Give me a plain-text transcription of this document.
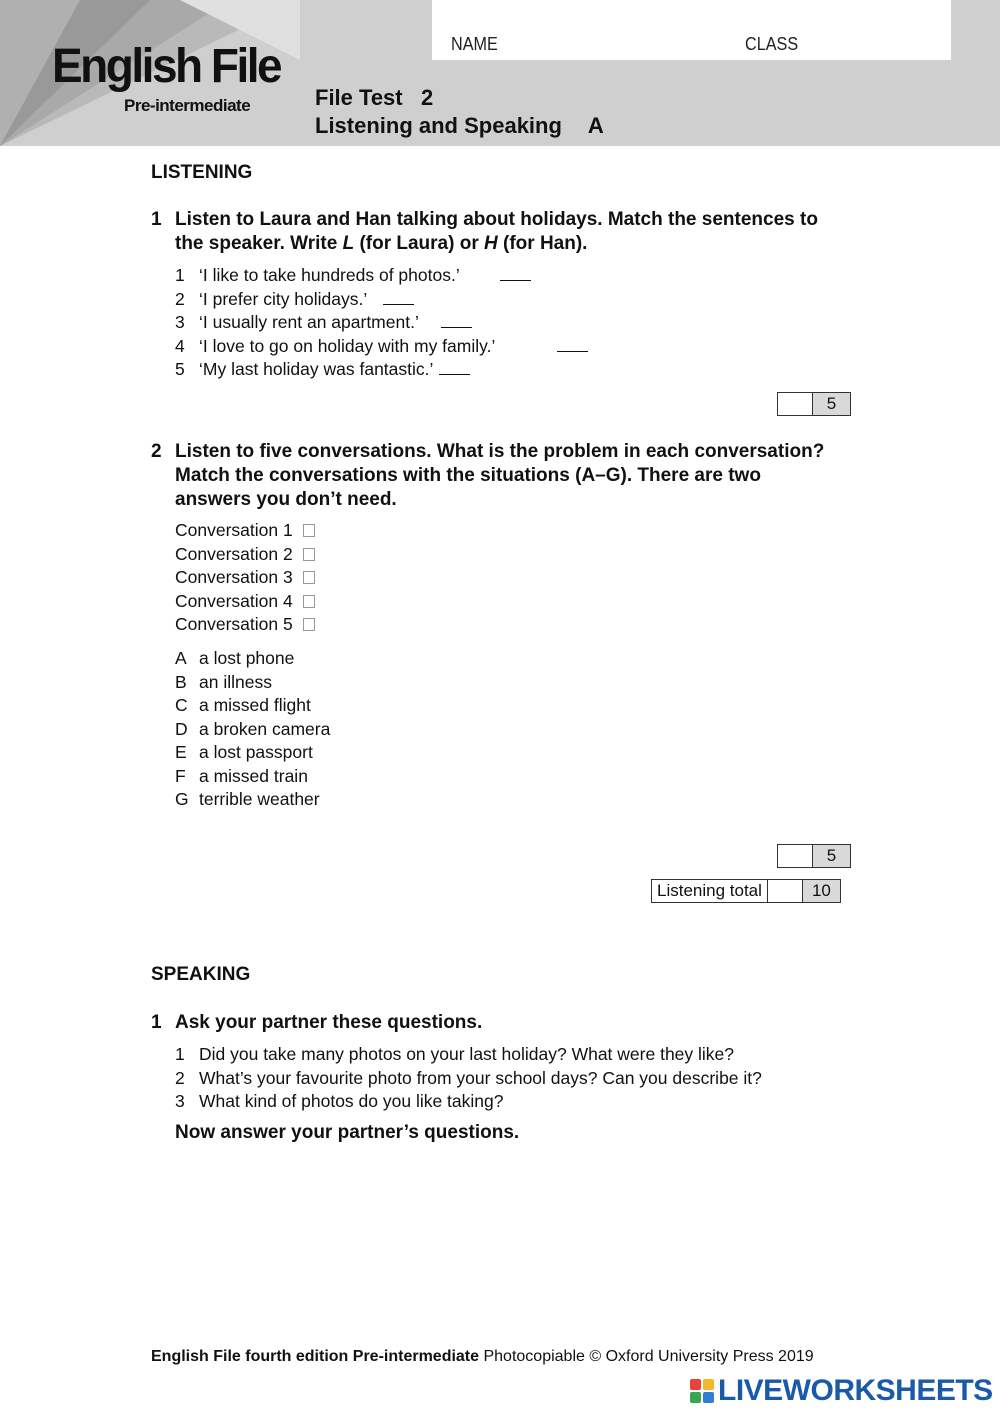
English File
Pre-intermediate
NAME	CLASS
File Test   2
Listening and Speaking A
LISTENING
1 Listen to Laura and Han talking about holidays. Match the sentences to the speaker. Write L (for Laura) or H (for Han).
1 ‘I like to take hundreds of photos.’
2 ‘I prefer city holidays.’
3 ‘I usually rent an apartment.’
4 ‘I love to go on holiday with my family.’
5 ‘My last holiday was fantastic.’
5
2 Listen to five conversations. What is the problem in each conversation? Match the conversations with the situations (A–G). There are two answers you don’t need.
Conversation 1
Conversation 2
Conversation 3
Conversation 4
Conversation 5
A a lost phone
B an illness
C a missed flight
D a broken camera
E a lost passport
F a missed train
G terrible weather
5
Listening total	10
SPEAKING
1 Ask your partner these questions.
1 Did you take many photos on your last holiday? What were they like?
2 What’s your favourite photo from your school days? Can you describe it?
3 What kind of photos do you like taking?
Now answer your partner’s questions.
English File fourth edition Pre-intermediate Photocopiable © Oxford University Press 2019
LIVEWORKSHEETS
